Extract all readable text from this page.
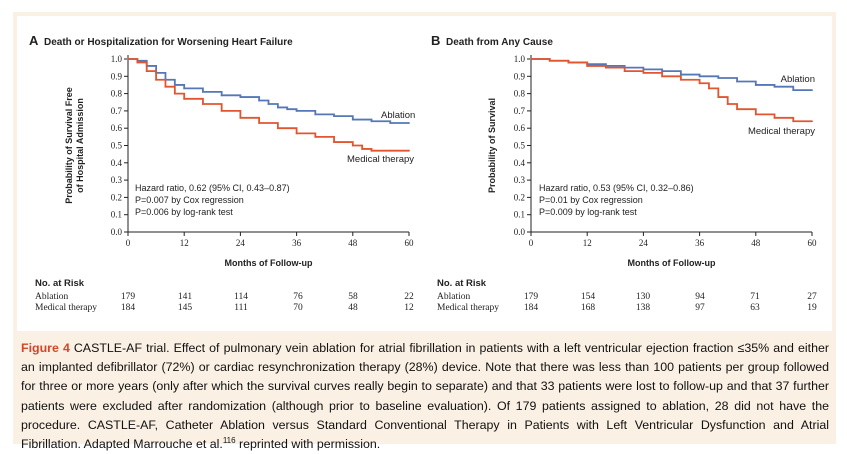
A Death or Hospitalization for Worsening Heart Failure
0.0
0.1
0.2
0.3
0.4
0.5
0.6
0.7
0.8
0.9
1.0
0	12	24	36	48	60
Months of Follow-up
Probability of Survival Free of Hospital Admission	Ablation
Medical therapy
Hazard ratio, 0.62 (95% CI, 0.43–0.87)
P=0.007 by Cox regression
P=0.006 by log-rank test
No. at Risk
Ablation	179	141	114	76	58	22
Medical therapy	184	145	111	70	48	12
B Death from Any Cause
0.0
0.1
0.2
0.3
0.4
0.5
0.6
0.7
0.8
0.9
1.0
0	12	24	36	48	60
Months of Follow-up
Probability of Survival
Ablation
Medical therapy
Hazard ratio, 0.53 (95% CI, 0.32–0.86)
P=0.01 by Cox regression
P=0.009 by log-rank test
No. at Risk
Ablation	179	154	130	94	71	27
Medical therapy	184	168	138	97	63	19
Figure 4 CASTLE-AF trial. Effect of pulmonary vein ablation for atrial fibrillation in patients with a left ventricular ejection fraction ≤35% and either an implanted defibrillator (72%) or cardiac resynchronization therapy (28%) device. Note that there was less than 100 patients per group followed for three or more years (only after which the survival curves really begin to separate) and that 33 patients were lost to follow-up and that 37 further patients were excluded after randomization (although prior to baseline evaluation). Of 179 patients assigned to ablation, 28 did not have the procedure. CASTLE-AF, Catheter Ablation versus Standard Conventional Therapy in Patients with Left Ventricular Dysfunction and Atrial Fibrillation. Adapted Marrouche et al.$^{116}$ reprinted with permission.
